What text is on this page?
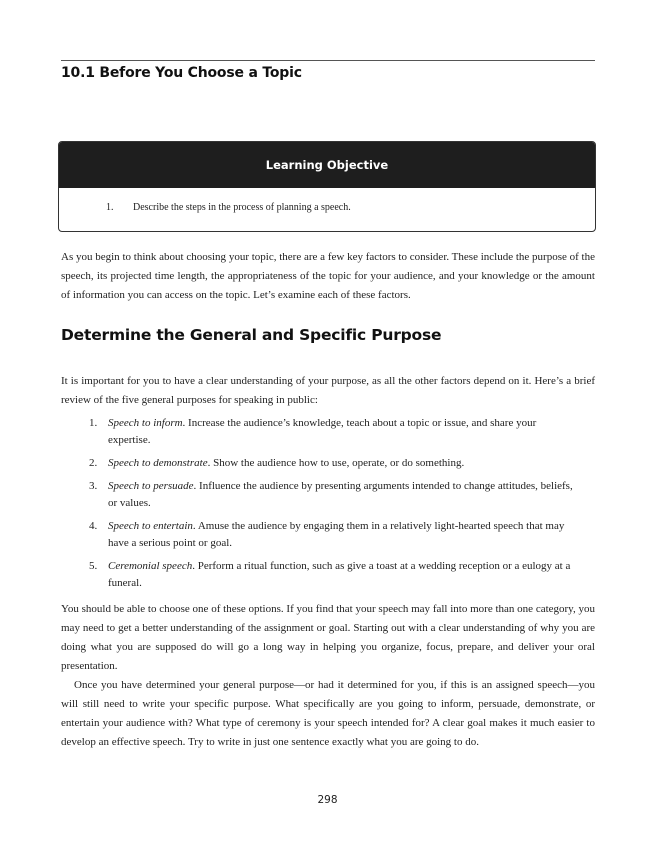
10.1 Before You Choose a Topic
Learning Objective
1. Describe the steps in the process of planning a speech.

As you begin to think about choosing your topic, there are a few key factors to consider. These include the purpose of the speech, its projected time length, the appropriateness of the topic for your audience, and your knowledge or the amount of information you can access on the topic. Let’s examine each of these factors.

Determine the General and Specific Purpose

It is important for you to have a clear understanding of your purpose, as all the other factors depend on it. Here’s a brief review of the five general purposes for speaking in public:

1. Speech to inform. Increase the audience’s knowledge, teach about a topic or issue, and share your expertise.
2. Speech to demonstrate. Show the audience how to use, operate, or do something.
3. Speech to persuade. Influence the audience by presenting arguments intended to change attitudes, beliefs, or values.
4. Speech to entertain. Amuse the audience by engaging them in a relatively light-hearted speech that may have a serious point or goal.
5. Ceremonial speech. Perform a ritual function, such as give a toast at a wedding reception or a eulogy at a funeral.

You should be able to choose one of these options. If you find that your speech may fall into more than one category, you may need to get a better understanding of the assignment or goal. Starting out with a clear understanding of why you are doing what you are supposed do will go a long way in helping you organize, focus, prepare, and deliver your oral presentation.

Once you have determined your general purpose—or had it determined for you, if this is an assigned speech—you will still need to write your specific purpose. What specifically are you going to inform, persuade, demonstrate, or entertain your audience with? What type of ceremony is your speech intended for? A clear goal makes it much easier to develop an effective speech. Try to write in just one sentence exactly what you are going to do.

298
